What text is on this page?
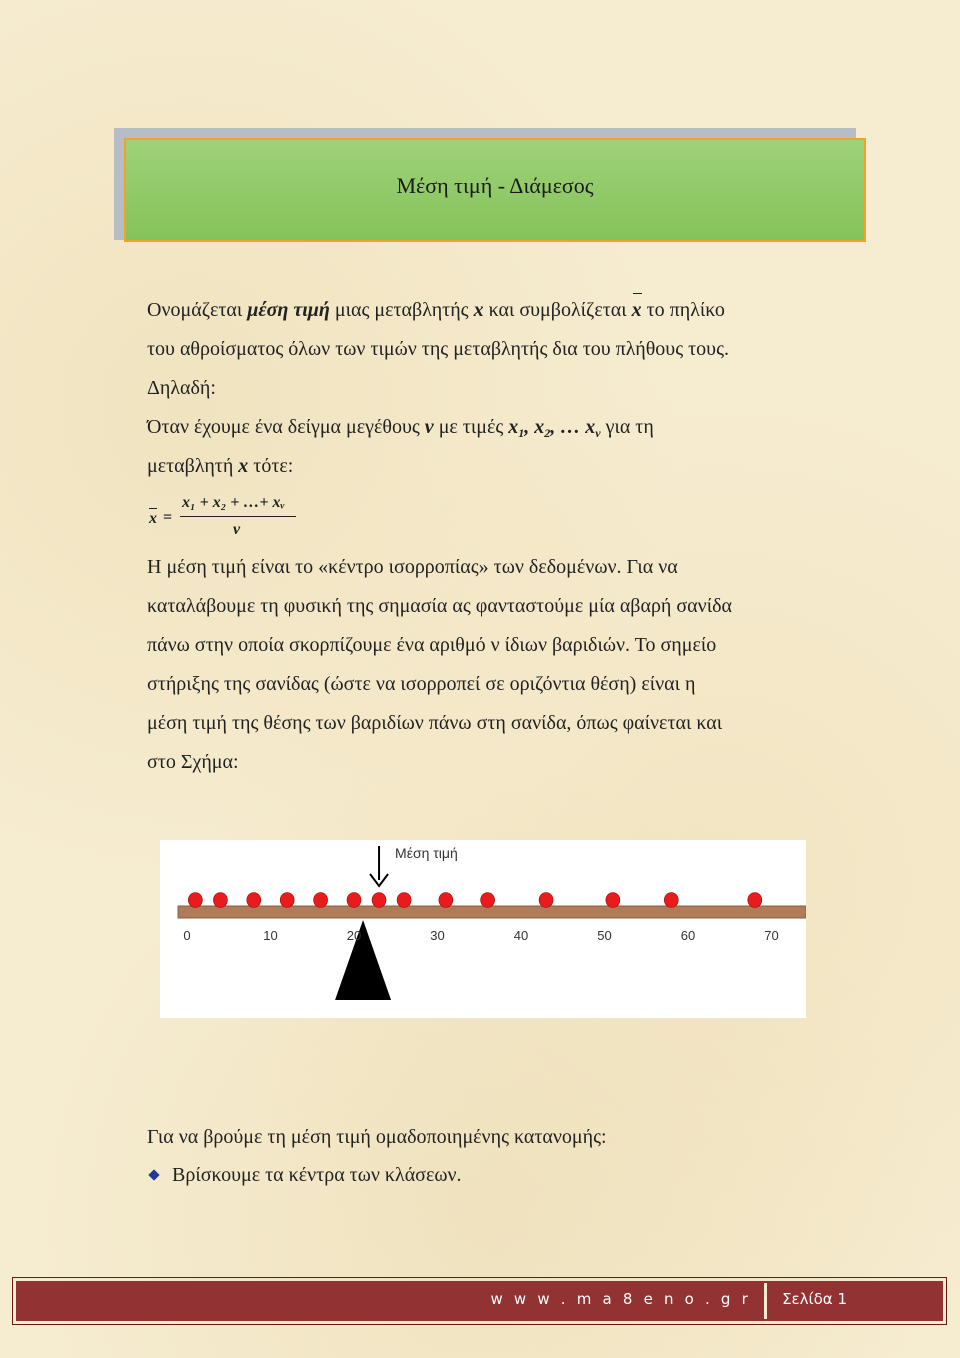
Μέση τιμή - Διάμεσος
Ονομάζεται μέση τιμή μιας μεταβλητής x και συμβολίζεται x το πηλίκο
του αθροίσματος όλων των τιμών της μεταβλητής δια του πλήθους τους.
Δηλαδή:
Όταν έχουμε ένα δείγμα μεγέθους ν με τιμές $x_1$, $x_2$, … $x_\nu$ για τη
μεταβλητή x τότε:
x =
x₁ + x₂ + …+ xᵥ
ν
Η μέση τιμή είναι το «κέντρο ισορροπίας» των δεδομένων. Για να
καταλάβουμε τη φυσική της σημασία ας φανταστούμε μία αβαρή σανίδα
πάνω στην οποία σκορπίζουμε ένα αριθμό ν ίδιων βαριδιών. Το σημείο
στήριξης της σανίδας (ώστε να ισορροπεί σε οριζόντια θέση) είναι η
μέση τιμή της θέσης των βαριδίων πάνω στη σανίδα, όπως φαίνεται και
στο Σχήμα:
Μέση τιμή
0	10	20	30	40	50	60	70
Για να βρούμε τη μέση τιμή ομαδοποιημένης κατανομής:
Βρίσκουμε τα κέντρα των κλάσεων.
w w w . m a 8 e n o . g r Σελίδα 1
